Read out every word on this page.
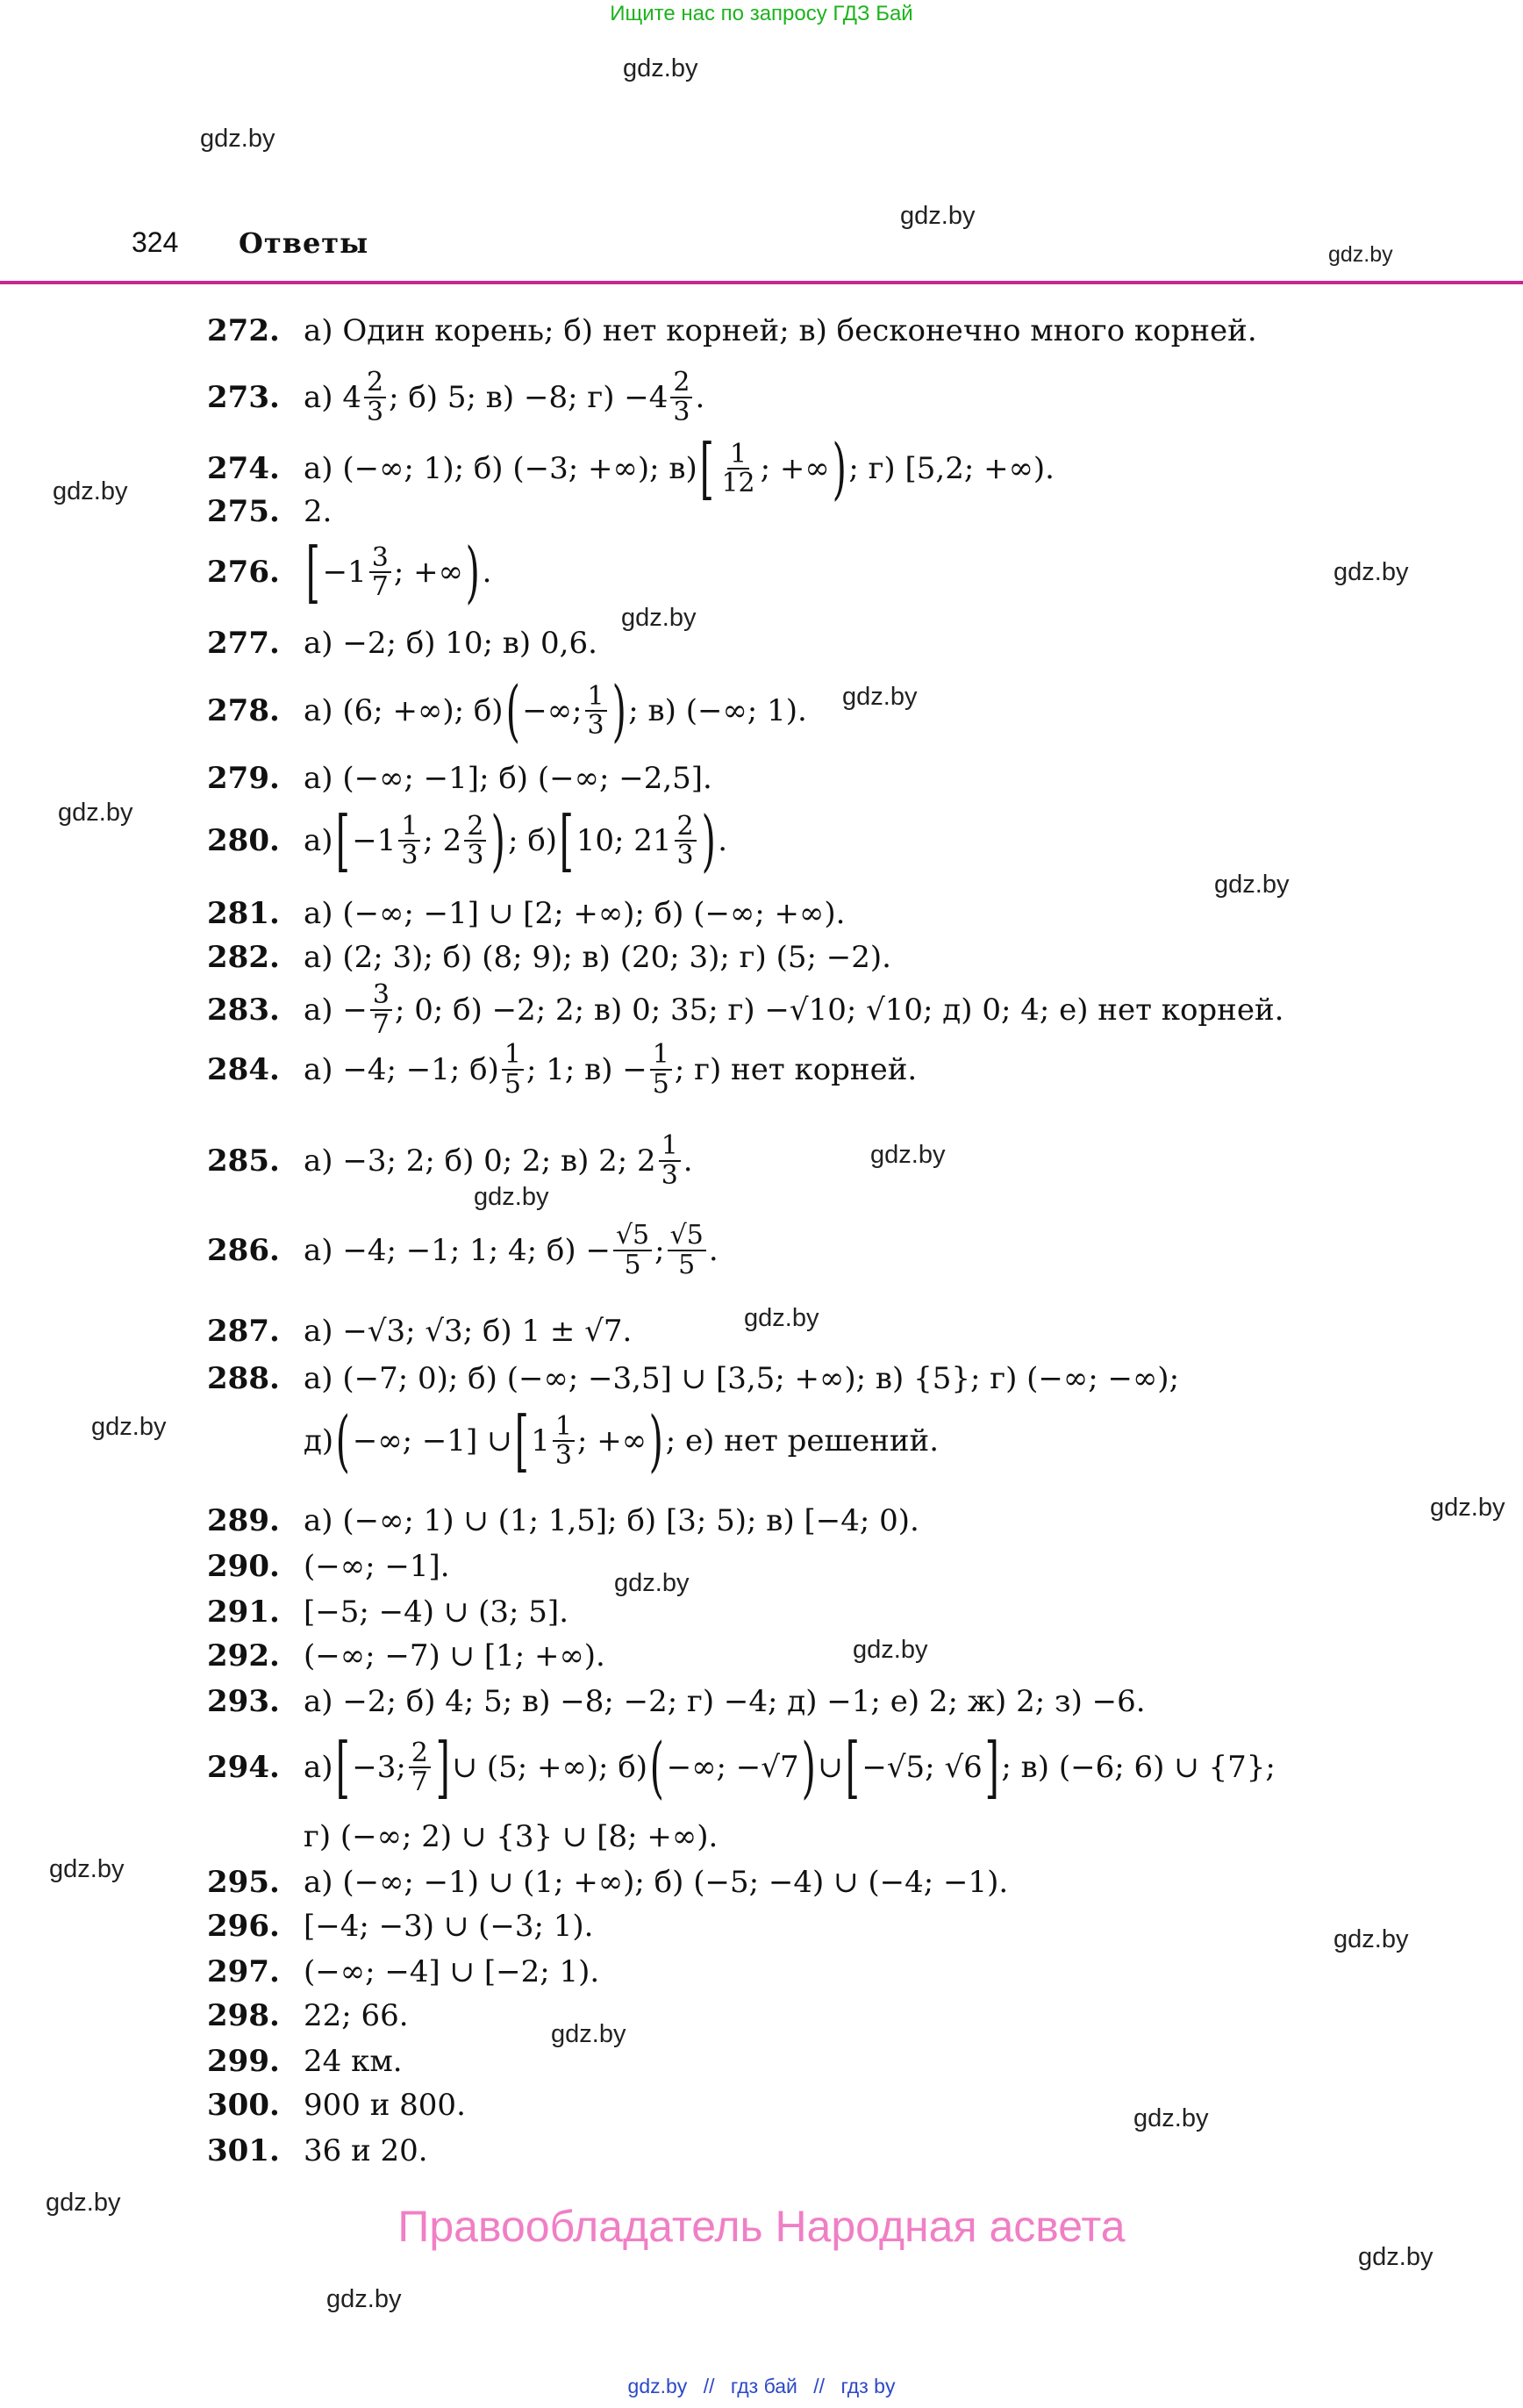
Ищите нас по запросу ГДЗ Бай
gdz.by
gdz.by
gdz.by
gdz.by
gdz.by
gdz.by
gdz.by
gdz.by
gdz.by
gdz.by
gdz.by
gdz.by
gdz.by
gdz.by
gdz.by
gdz.by
gdz.by
gdz.by
gdz.by
gdz.by
gdz.by
gdz.by
gdz.by
gdz.by
324 Ответы
272. а) Один корень; б) нет корней; в) бесконечно много корней.
273. а) $4 \frac{2}{3}$ ; б) 5; в) −8; $г) -4 \frac{2}{3}$ .
274. а) (−∞; 1); б) (−3; +∞); в) [ $\frac{1}{12}$ ; +∞ ) ; г) [5,2; +∞).
275. 2.
276. [ $-1 \frac{3}{7}$ ; +∞ ) .
277. а) −2; б) 10; в) 0,6.
278. а) (6; +∞); б) ( −∞; $\frac{1}{3}$ ) ; в) (−∞; 1).
279. а) (−∞; −1]; б) (−∞; −2,5].
280. а) [ $-1 \frac{1}{3}$ ; $2 \frac{2}{3}$ ) ; б) [ 10; $21 \frac{2}{3}$ ) .
281. а) (−∞; −1] ∪ [2; +∞); б) (−∞; +∞).
282. а) (2; 3); б) (8; 9); в) (20; 3); г) (5; −2).
283. $а) - \frac{3}{7}$ ; 0; б) −2; 2; в) 0; 35; г) −√10; √10; д) 0; 4; е) нет корней.
284. а) −4; −1; $б) \frac{1}{5}$ ; 1; $в) - \frac{1}{5}$ ; г) нет корней.
285. а) −3; 2; б) 0; 2; в) 2; $2 \frac{1}{3}$ .
286. а) −4; −1; 1; 4; $б) - \frac{√5}{5}$ ; $\frac{√5}{5}$ .
287. а) −√3; √3; б) 1 ± √7.
288. а) (−7; 0); б) (−∞; −3,5] ∪ [3,5; +∞); в) {5}; г) (−∞; −∞);
д) ( −∞; −1] ∪ [ $1 \frac{1}{3}$ ; +∞ ) ; е) нет решений.
289. а) (−∞; 1) ∪ (1; 1,5]; б) [3; 5); в) [−4; 0).
290. (−∞; −1].
291. [−5; −4) ∪ (3; 5].
292. (−∞; −7) ∪ [1; +∞).
293. а) −2; б) 4; 5; в) −8; −2; г) −4; д) −1; е) 2; ж) 2; з) −6.
294. а) [ −3; $\frac{2}{7}$ ] ∪ (5; +∞); б) ( −∞; −√7 ) ∪ [ −√5; √6 ] ; в) (−6; 6) ∪ {7};
г) (−∞; 2) ∪ {3} ∪ [8; +∞).
295. а) (−∞; −1) ∪ (1; +∞); б) (−5; −4) ∪ (−4; −1).
296. [−4; −3) ∪ (−3; 1).
297. (−∞; −4] ∪ [−2; 1).
298. 22; 66.
299. 24 км.
300. 900 и 800.
301. 36 и 20.
Правообладатель Народная асвета
gdz.by // гдз бай // гдз by
